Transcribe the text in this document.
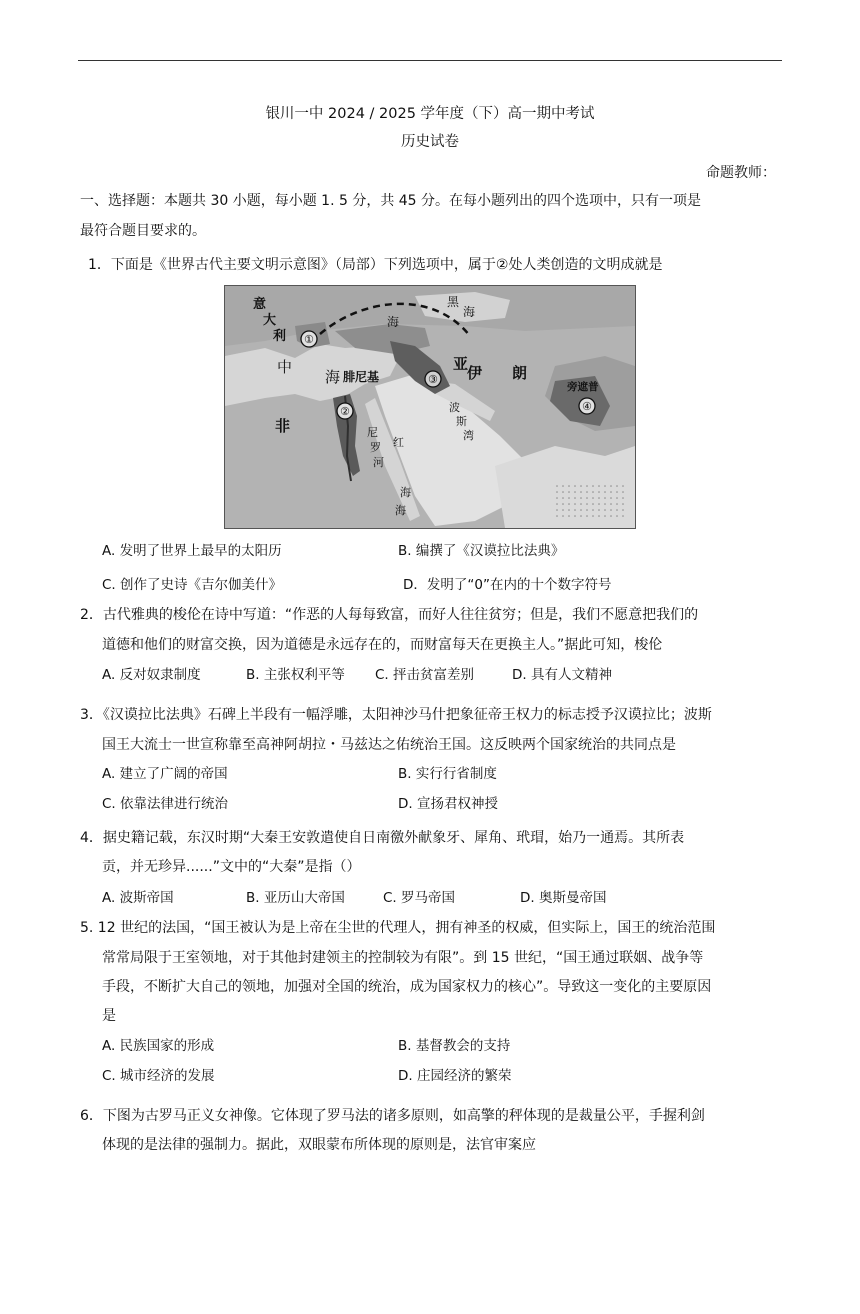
银川一中 2024 / 2025 学年度（下）高一期中考试
历史试卷
命题教师：
一、选择题：本题共 30 小题，每小题 1. 5 分，共 45 分。在每小题列出的四个选项中，只有一项是
最符合题目要求的。
1．下面是《世界古代主要文明示意图》（局部）下列选项中，属于②处人类创造的文明成就是
①
②
③
④
意
大
利
中
海 腓尼基
黑
海
海
亚
伊 朗
非	尼
罗
河
红
海
波
斯
湾
海
旁遮普
A. 发明了世界上最早的太阳历	B. 编撰了《汉谟拉比法典》
C. 创作了史诗《吉尔伽美什》	D．发明了“0”在内的十个数字符号
2．古代雅典的梭伦在诗中写道：“作恶的人每每致富，而好人往往贫穷；但是，我们不愿意把我们的
道德和他们的财富交换，因为道德是永远存在的，而财富每天在更换主人。”据此可知，梭伦
A. 反对奴隶制度	B. 主张权利平等 C. 抨击贫富差别	D. 具有人文精神
3．《汉谟拉比法典》石碑上半段有一幅浮雕，太阳神沙马什把象征帝王权力的标志授予汉谟拉比；波斯
国王大流士一世宣称靠至高神阿胡拉・马兹达之佑统治王国。这反映两个国家统治的共同点是
A. 建立了广阔的帝国	B. 实行行省制度
C. 依靠法律进行统治	D. 宣扬君权神授
4．据史籍记载，东汉时期“大秦王安敦遣使自日南徼外献象牙、犀角、玳瑁，始乃一通焉。其所表
贡，并无珍异......”文中的“大秦”是指（）
A. 波斯帝国	B. 亚历山大帝国	C. 罗马帝国	D. 奥斯曼帝国
5. 12 世纪的法国，“国王被认为是上帝在尘世的代理人，拥有神圣的权威，但实际上，国王的统治范围
常常局限于王室领地，对于其他封建领主的控制较为有限”。到 15 世纪，“国王通过联姻、战争等
手段，不断扩大自己的领地，加强对全国的统治，成为国家权力的核心”。导致这一变化的主要原因
是
A. 民族国家的形成	B. 基督教会的支持
C. 城市经济的发展	D. 庄园经济的繁荣
6．下图为古罗马正义女神像。它体现了罗马法的诸多原则，如高擎的秤体现的是裁量公平，手握利剑
体现的是法律的强制力。据此，双眼蒙布所体现的原则是，法官审案应
